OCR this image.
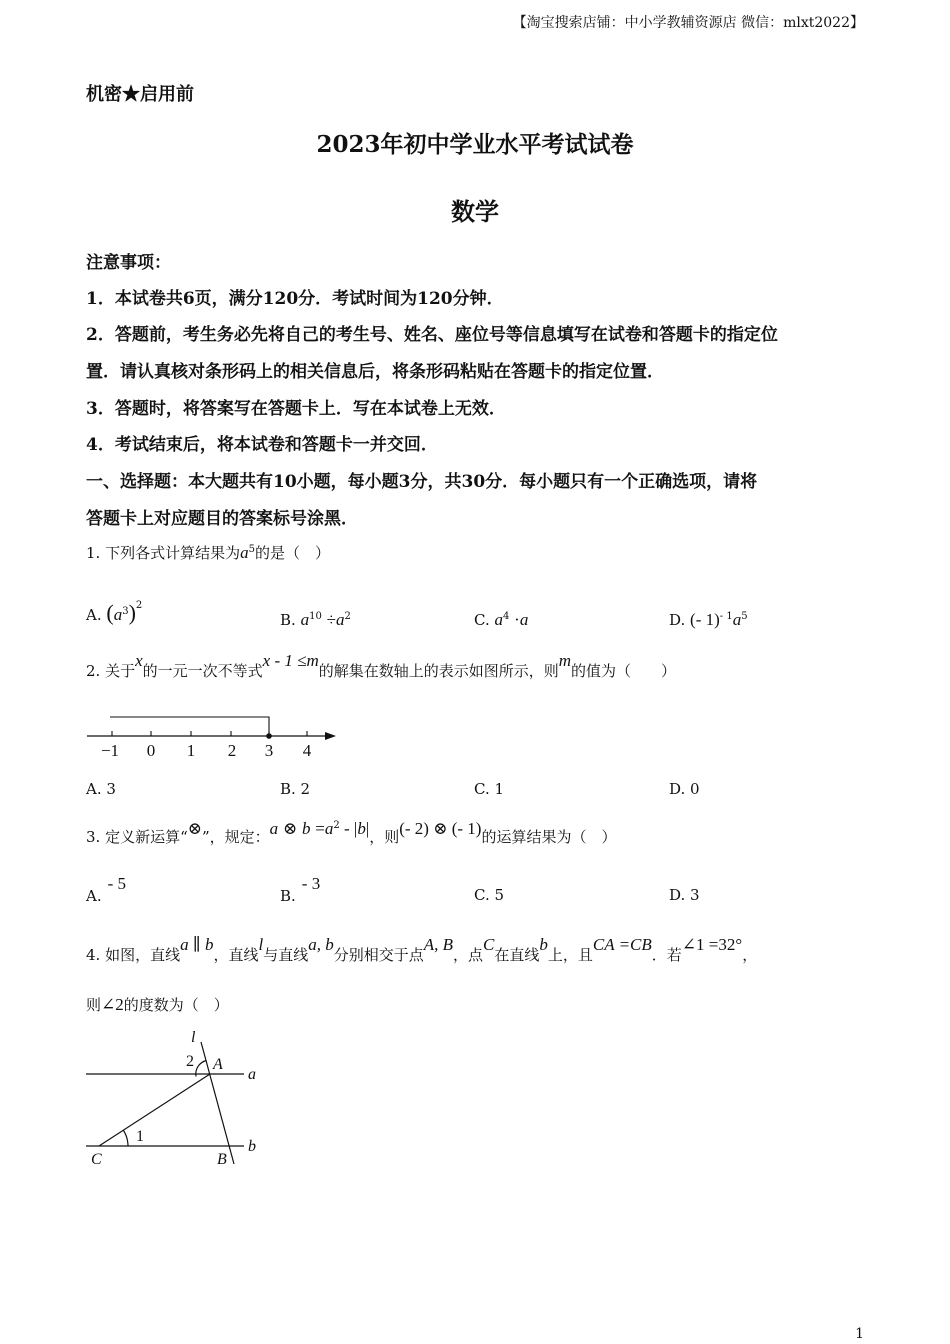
【淘宝搜索店铺：中小学教辅资源店 微信：mlxt2022】
机密★启用前
2023年初中学业水平考试试卷
数学
注意事项：
1．本试卷共6页，满分120分．考试时间为120分钟．
2．答题前，考生务必先将自己的考生号、姓名、座位号等信息填写在试卷和答题卡的指定位
置．请认真核对条形码上的相关信息后，将条形码粘贴在答题卡的指定位置．
3．答题时，将答案写在答题卡上．写在本试卷上无效．
4．考试结束后，将本试卷和答题卡一并交回．
一、选择题：本大题共有10小题，每小题3分，共30分．每小题只有一个正确选项，请将
答题卡上对应题目的答案标号涂黑．
1. 下列各式计算结果为$a^5$的是（　）
A. $(a^3)^2$
B. $a^{10} \div a^2$	C. $a^4 \cdot a$	D. (- $1)^{- 1}a^5$
2. 关于x的一元一次不等式x - 1 ≤m的解集在数轴上的表示如图所示，则m的值为（　　）
−1 0 1 2 3 4
A. 3	B. 2	C. 1	D. 0
3. 定义新运算“⊗”，规定：a ⊗ $b =a^2 - |b|$，则(- 2) ⊗ (- 1)的运算结果为（　）
A.- 5
B.- 3
C. 5	D. 3
4. 如图，直线a ∥ b，直线l与直线a, b分别相交于点A, B，点C在直线b上，且CA =CB．若∠1 =32°，
则∠2的度数为（　）
l
2 A
a
1
C	B
b
1
